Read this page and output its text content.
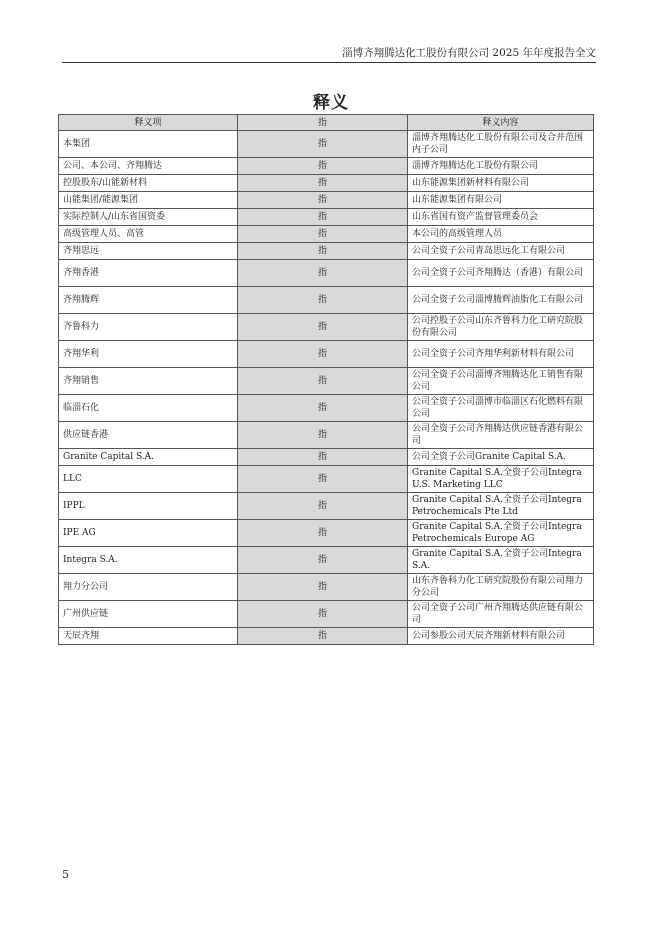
淄博齐翔腾达化工股份有限公司 2025 年年度报告全文
释义
释义项	指	释义内容
本集团	指	淄博齐翔腾达化工股份有限公司及合并范围内子公司
公司、本公司、齐翔腾达	指	淄博齐翔腾达化工股份有限公司
控股股东/山能新材料	指	山东能源集团新材料有限公司
山能集团/能源集团	指	山东能源集团有限公司
实际控制人/山东省国资委	指	山东省国有资产监督管理委员会
高级管理人员、高管	指	本公司的高级管理人员
齐翔思远	指	公司全资子公司青岛思远化工有限公司
齐翔香港	指	公司全资子公司齐翔腾达（香港）有限公司
齐翔腾辉	指	公司全资子公司淄博腾辉油脂化工有限公司
齐鲁科力	指	公司控股子公司山东齐鲁科力化工研究院股份有限公司
齐翔华利	指	公司全资子公司齐翔华利新材料有限公司
齐翔销售	指	公司全资子公司淄博齐翔腾达化工销售有限公司
临淄石化	指	公司全资子公司淄博市临淄区石化燃料有限公司
供应链香港	指	公司全资子公司齐翔腾达供应链香港有限公司
Granite Capital S.A.	指	公司全资子公司Granite Capital S.A.
LLC	指	Granite Capital S.A.全资子公司Integra U.S. Marketing LLC
IPPL	指	Granite Capital S.A.全资子公司Integra Petrochemicals Pte Ltd
IPE AG	指	Granite Capital S.A.全资子公司Integra Petrochemicals Europe AG
Integra S.A.	指	Granite Capital S.A.全资子公司Integra S.A.
翔力分公司	指	山东齐鲁科力化工研究院股份有限公司翔力分公司
广州供应链	指	公司全资子公司广州齐翔腾达供应链有限公司
天辰齐翔	指	公司参股公司天辰齐翔新材料有限公司
5
